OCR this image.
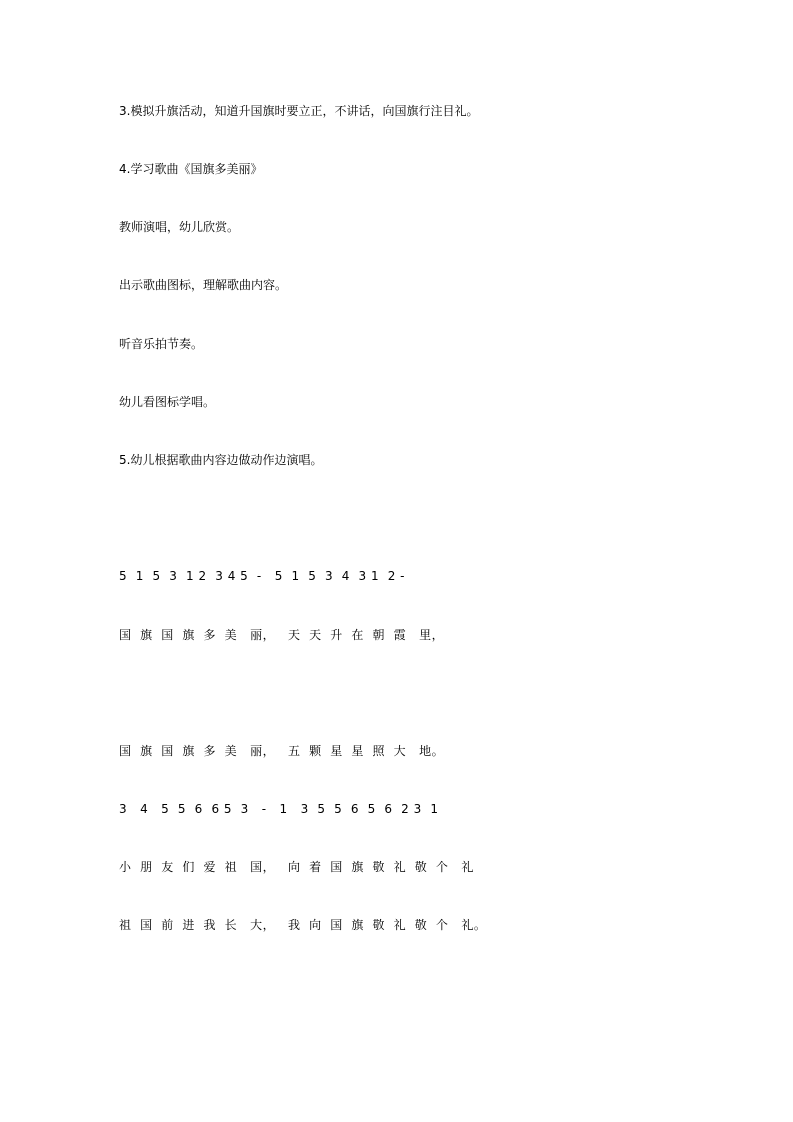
3.模拟升旗活动，知道升国旗时要立正，不讲话，向国旗行注目礼。
4.学习歌曲《国旗多美丽》
教师演唱，幼儿欣赏。
出示歌曲图标，理解歌曲内容。
听音乐拍节奏。
幼儿看图标学唱。
5.幼儿根据歌曲内容边做动作边演唱。
5  1  5  3  1 2  3 4 5  -   5  1  5  3  4  3 1  2 -
国  旗  国  旗  多  美   丽，   天  天  升  在  朝  霞   里，
国  旗  国  旗  多  美   丽，   五  颗  星  星  照  大   地。
3   4   5  5  6  6 5  3   -   1   3  5  5  6  5  6  2 3  1
小  朋  友  们  爱  祖   国，   向  着  国  旗  敬  礼  敬  个   礼
祖  国  前  进  我  长   大，   我  向  国  旗  敬  礼  敬  个   礼。
